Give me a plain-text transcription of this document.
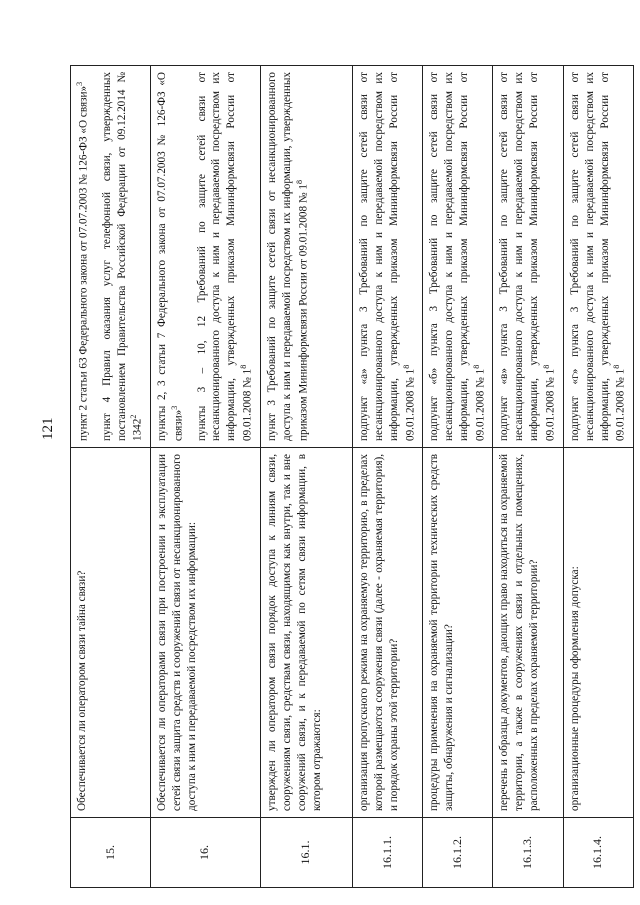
121
15.	Обеспечивается ли оператором связи тайна связи?	пункт 2 статьи 63 Федерального закона от 07.07.2003 № 126-ФЗ «О связи»$^3$ пункт 4 Правил оказания услуг телефонной связи, утвержденных постановлением Правительства Российской Федерации от 09.12.2014 № 1342$^2$
16.	Обеспечивается ли операторами связи при построении и эксплуатации сетей связи защита средств и сооружений связи от несанкционированного доступа к ним и передаваемой посредством их информации:	пункты 2, 3 статьи 7 Федерального закона от 07.07.2003 № 126-ФЗ «О связи»$^3$ пункты 3 – 10, 12 Требований по защите сетей связи от несанкционированного доступа к ним и передаваемой посредством их информации, утвержденных приказом Мининформсвязи России от 09.01.2008 № $1^8$
16.1.	утвержден ли оператором связи порядок доступа к линиям связи, сооружениям связи, средствам связи, находящимся как внутри, так и вне сооружений связи, и к передаваемой по сетям связи информации, в котором отражаются:	пункт 3 Требований по защите сетей связи от несанкционированного доступа к ним и передаваемой посредством их информации, утвержденных приказом Мининформсвязи России от 09.01.2008 № $1^8$
16.1.1.	организация пропускного режима на охраняемую территорию, в пределах которой размещаются сооружения связи (далее - охраняемая территория), и порядок охраны этой территории?	подпункт «а» пункта 3 Требований по защите сетей связи от несанкционированного доступа к ним и передаваемой посредством их информации, утвержденных приказом Мининформсвязи России от 09.01.2008 № $1^8$
16.1.2.	процедуры применения на охраняемой территории технических средств защиты, обнаружения и сигнализации?	подпункт «б» пункта 3 Требований по защите сетей связи от несанкционированного доступа к ним и передаваемой посредством их информации, утвержденных приказом Мининформсвязи России от 09.01.2008 № $1^8$
16.1.3.	перечень и образцы документов, дающих право находиться на охраняемой территории, а также в сооружениях связи и отдельных помещениях, расположенных в пределах охраняемой территории?	подпункт «в» пункта 3 Требований по защите сетей связи от несанкционированного доступа к ним и передаваемой посредством их информации, утвержденных приказом Мининформсвязи России от 09.01.2008 № $1^8$
16.1.4.	организационные процедуры оформления допуска:	подпункт «г» пункта 3 Требований по защите сетей связи от несанкционированного доступа к ним и передаваемой посредством их информации, утвержденных приказом Мининформсвязи России от 09.01.2008 № $1^8$
